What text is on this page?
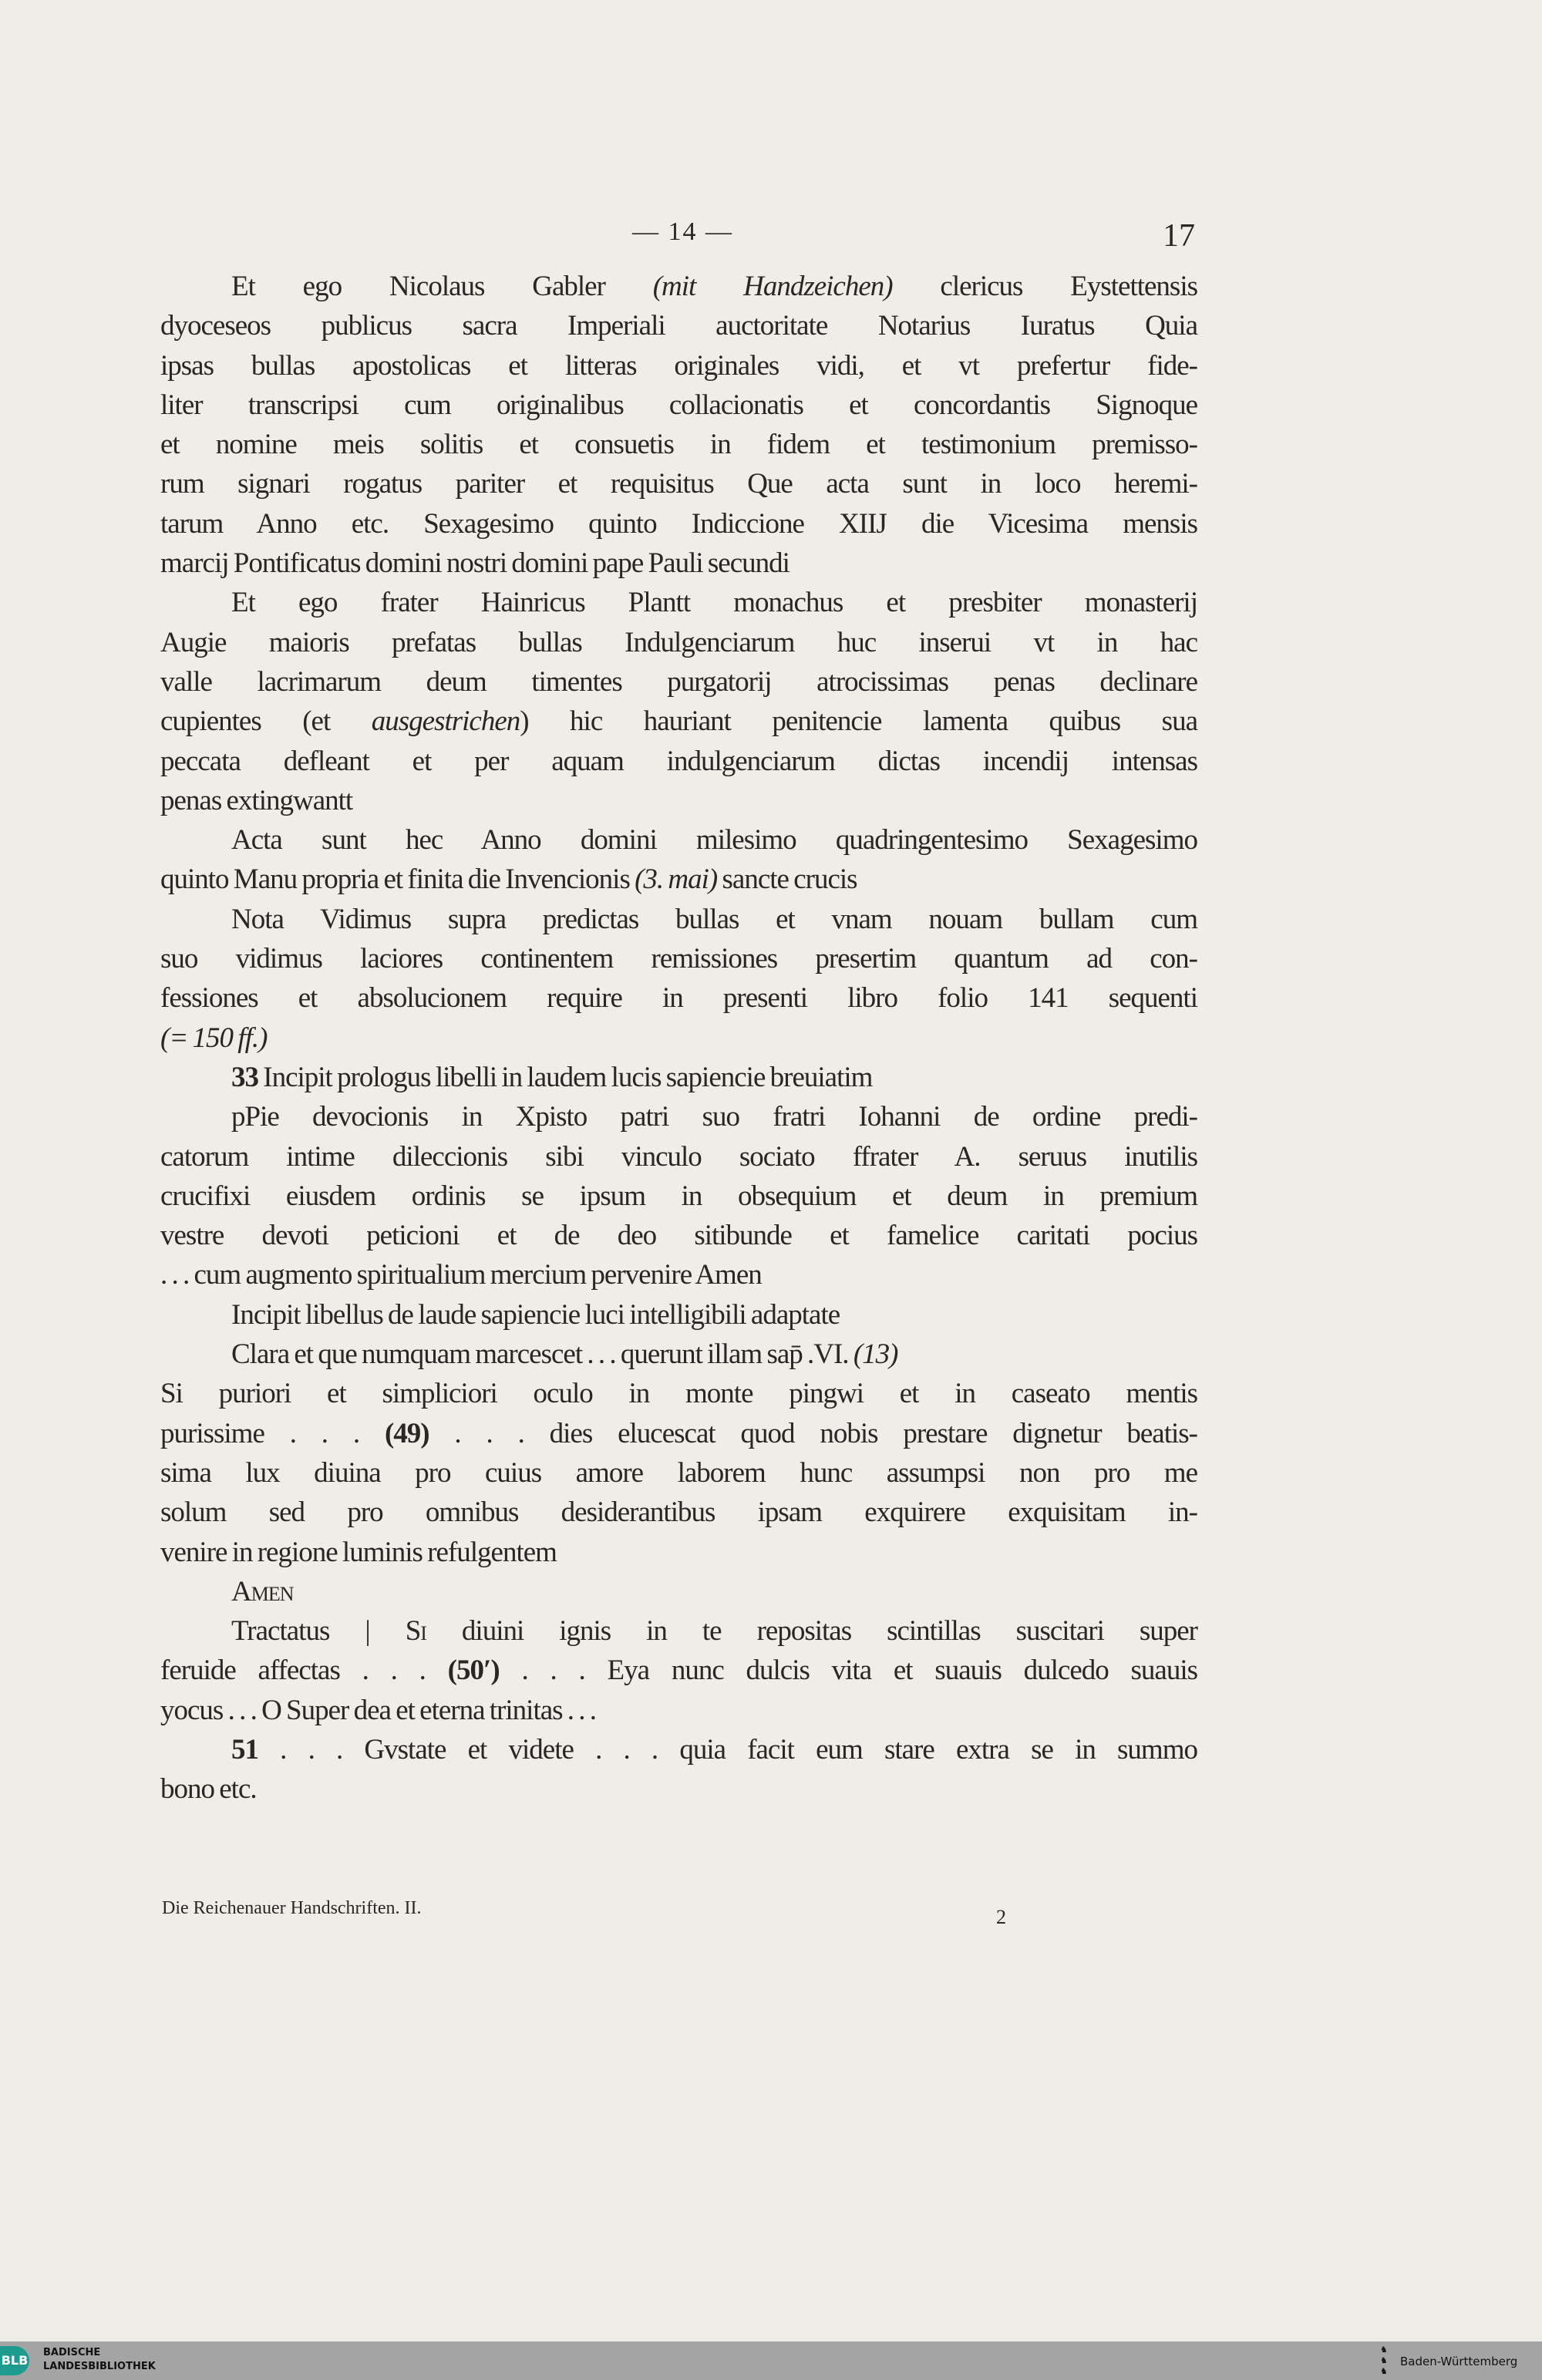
— 14 —	17
Et ego Nicolaus Gabler (mit Handzeichen) clericus Eystettensis
dyoceseos publicus sacra Imperiali auctoritate Notarius Iuratus Quia
ipsas bullas apostolicas et litteras originales vidi, et vt prefertur fide-
liter transcripsi cum originalibus collacionatis et concordantis Signoque
et nomine meis solitis et consuetis in fidem et testimonium premisso-
rum signari rogatus pariter et requisitus Que acta sunt in loco heremi-
tarum Anno etc. Sexagesimo quinto Indiccione XIIJ die Vicesima mensis
marcij Pontificatus domini nostri domini pape Pauli secundi
Et ego frater Hainricus Plantt monachus et presbiter monasterij
Augie maioris prefatas bullas Indulgenciarum huc inserui vt in hac
valle lacrimarum deum timentes purgatorij atrocissimas penas declinare
cupientes (et ausgestrichen) hic hauriant penitencie lamenta quibus sua
peccata defleant et per aquam indulgenciarum dictas incendij intensas
penas extingwantt
Acta sunt hec Anno domini milesimo quadringentesimo Sexagesimo
quinto Manu propria et finita die Invencionis (3. mai) sancte crucis
Nota Vidimus supra predictas bullas et vnam nouam bullam cum
suo vidimus laciores continentem remissiones presertim quantum ad con-
fessiones et absolucionem require in presenti libro folio 141 sequenti
(= 150 ff.)
33 Incipit prologus libelli in laudem lucis sapiencie breuiatim
pPie devocionis in Xpisto patri suo fratri Iohanni de ordine predi-
catorum intime dileccionis sibi vinculo sociato ffrater A. seruus inutilis
crucifixi eiusdem ordinis se ipsum in obsequium et deum in premium
vestre devoti peticioni et de deo sitibunde et famelice caritati pocius
. . . cum augmento spiritualium mercium pervenire Amen
Incipit libellus de laude sapiencie luci intelligibili adaptate
Clara et que numquam marcescet . . . querunt illam sap̄ .VI. (13)
Si puriori et simpliciori oculo in monte pingwi et in caseato mentis
purissime . . . (49) . . . dies elucescat quod nobis prestare dignetur beatis-
sima lux diuina pro cuius amore laborem hunc assumpsi non pro me
solum sed pro omnibus desiderantibus ipsam exquirere exquisitam in-
venire in regione luminis refulgentem
Amen
Tractatus | Si diuini ignis in te repositas scintillas suscitari super
feruide affectas . . . (50′) . . . Eya nunc dulcis vita et suauis dulcedo suauis
yocus . . . O Super dea et eterna trinitas . . .
51 . . . Gvstate et videte . . . quia facit eum stare extra se in summo
bono etc.
Die Reichenauer Handschriften. II.	2
BLB
BADISCHE
LANDESBIBLIOTHEK
♞
♞
♞
Baden-Württemberg
